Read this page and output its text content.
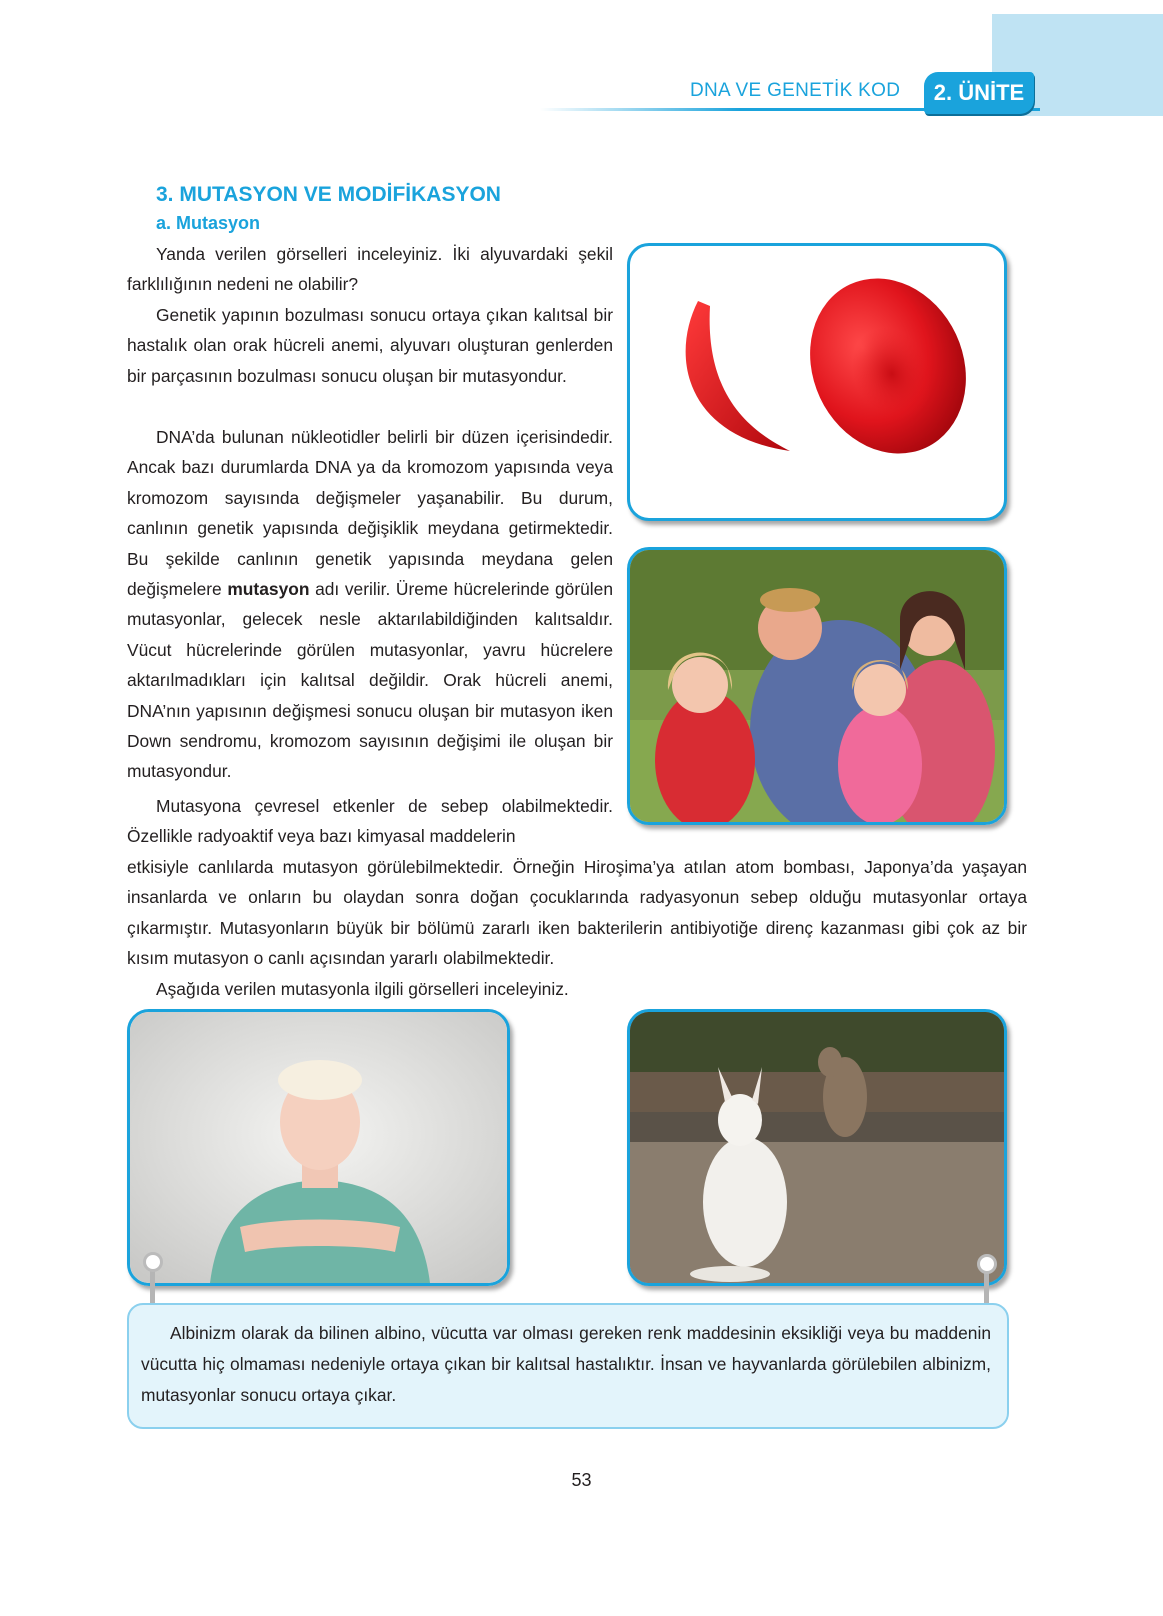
DNA VE GENETİK KOD	2. ÜNİTE
3. MUTASYON VE MODİFİKASYON
a. Mutasyon

Yanda verilen görselleri inceleyiniz. İki alyuvardaki şekil farklılığının nedeni ne olabilir?

Genetik yapının bozulması sonucu ortaya çıkan kalıtsal bir hastalık olan orak hücreli anemi, alyuvarı oluşturan genlerden bir parçasının bozulması sonucu oluşan bir mutasyondur.

DNA’da bulunan nükleotidler belirli bir düzen içerisindedir. Ancak bazı durumlarda DNA ya da kromozom yapısında veya kromozom sayısında değişmeler yaşanabilir. Bu durum, canlının genetik yapısında değişiklik meydana getirmektedir. Bu şekilde canlının genetik yapısında meydana gelen değişmelere mutasyon adı verilir. Üreme hücrelerinde görülen mutasyonlar, gelecek nesle aktarılabildiğinden kalıtsaldır. Vücut hücrelerinde görülen mutasyonlar, yavru hücrelere aktarılmadıkları için kalıtsal değildir. Orak hücreli anemi, DNA’nın yapısının değişmesi sonucu oluşan bir mutasyon iken Down sendromu, kromozom sayısının değişimi ile oluşan bir mutasyondur.

Mutasyona çevresel etkenler de sebep olabilmektedir. Özellikle radyoaktif veya bazı kimyasal maddelerin

etkisiyle canlılarda mutasyon görülebilmektedir. Örneğin Hiroşima’ya atılan atom bombası, Japonya’da yaşayan insanlarda ve onların bu olaydan sonra doğan çocuklarında radyasyonun sebep olduğu mutasyonlar ortaya çıkarmıştır. Mutasyonların büyük bir bölümü zararlı iken bakterilerin antibiyotiğe direnç kazanması gibi çok az bir kısım mutasyon o canlı açısından yararlı olabilmektedir.

Aşağıda verilen mutasyonla ilgili görselleri inceleyiniz.

Albinizm olarak da bilinen albino, vücutta var olması gereken renk maddesinin eksikliği veya bu maddenin vücutta hiç olmaması nedeniyle ortaya çıkan bir kalıtsal hastalıktır. İnsan ve hayvanlarda görülebilen albinizm, mutasyonlar sonucu ortaya çıkar.

53
